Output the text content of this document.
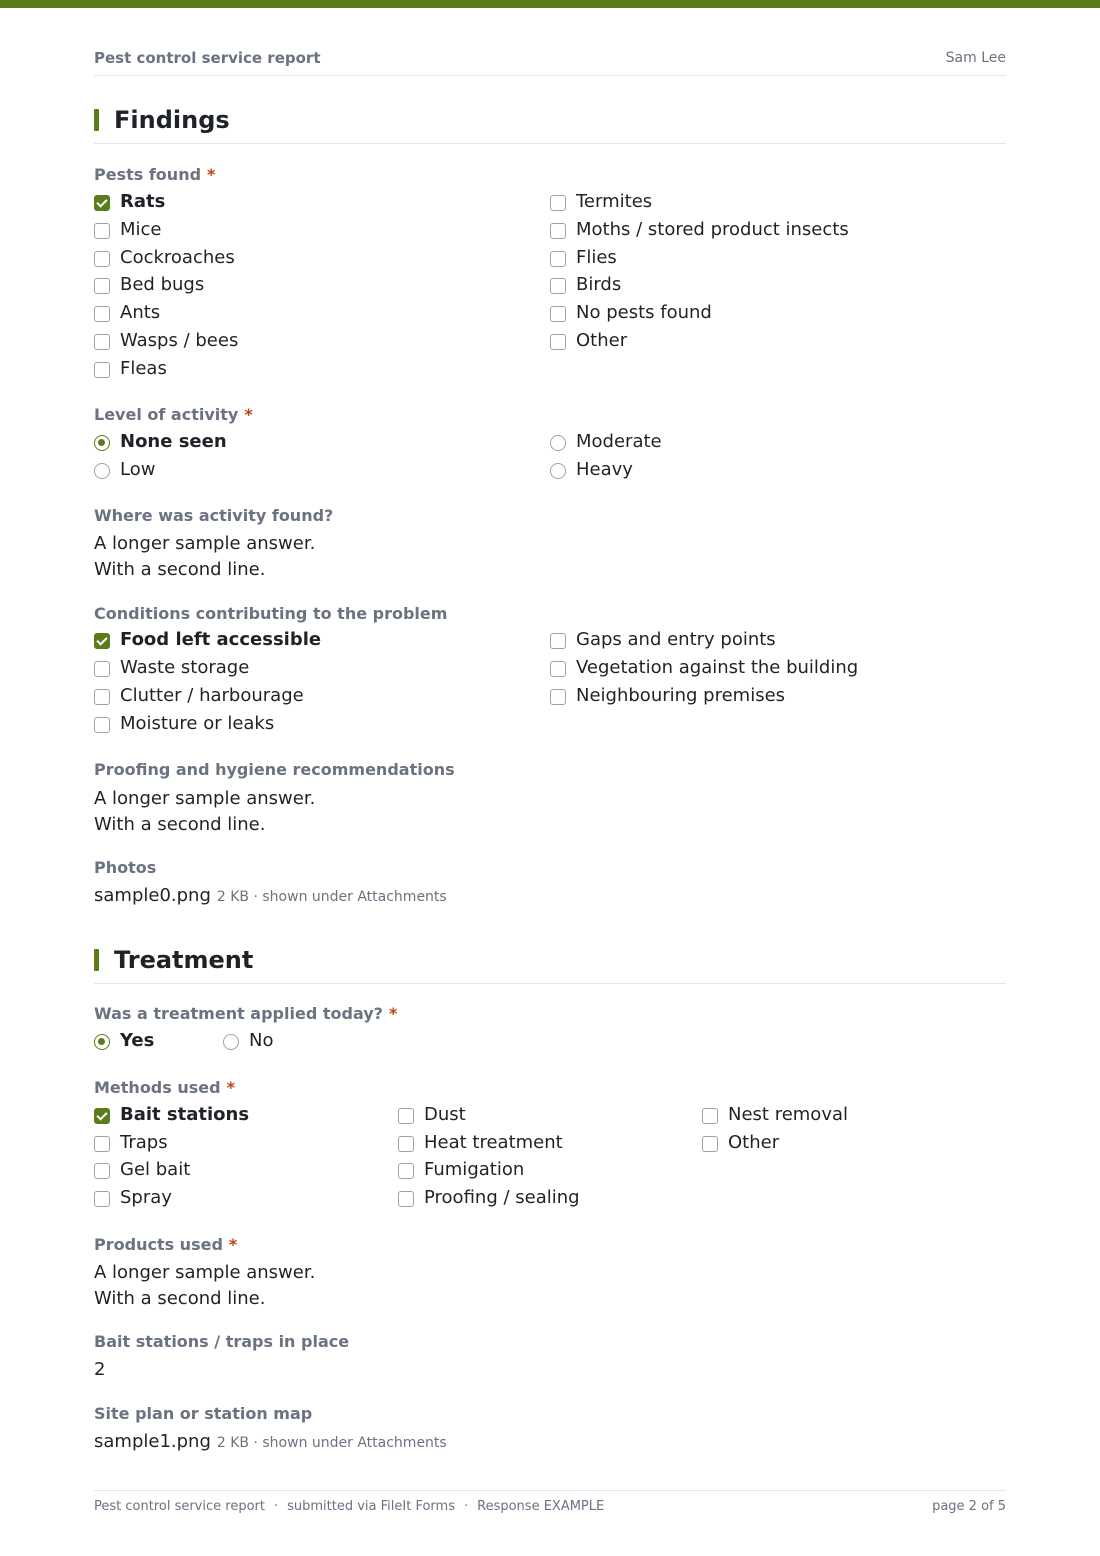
Pest control service report	Sam Lee
Findings
Pests found *
Rats
Mice
Cockroaches
Bed bugs
Ants
Wasps / bees
Fleas
Termites
Moths / stored product insects
Flies
Birds
No pests found
Other
Level of activity *
None seen
Low
Moderate
Heavy
Where was activity found?
A longer sample answer.
With a second line.
Conditions contributing to the problem
Food left accessible
Waste storage
Clutter / harbourage
Moisture or leaks
Gaps and entry points
Vegetation against the building
Neighbouring premises
Proofing and hygiene recommendations
A longer sample answer.
With a second line.
Photos
sample0.png 2 KB · shown under Attachments
Treatment
Was a treatment applied today? *
Yes	No
Methods used *
Bait stations
Traps
Gel bait
Spray
Dust
Heat treatment
Fumigation
Proofing / sealing
Nest removal
Other
Products used *
A longer sample answer.
With a second line.
Bait stations / traps in place
2
Site plan or station map
sample1.png 2 KB · shown under Attachments
Pest control service report · submitted via FileIt Forms · Response EXAMPLE	page 2 of 5
